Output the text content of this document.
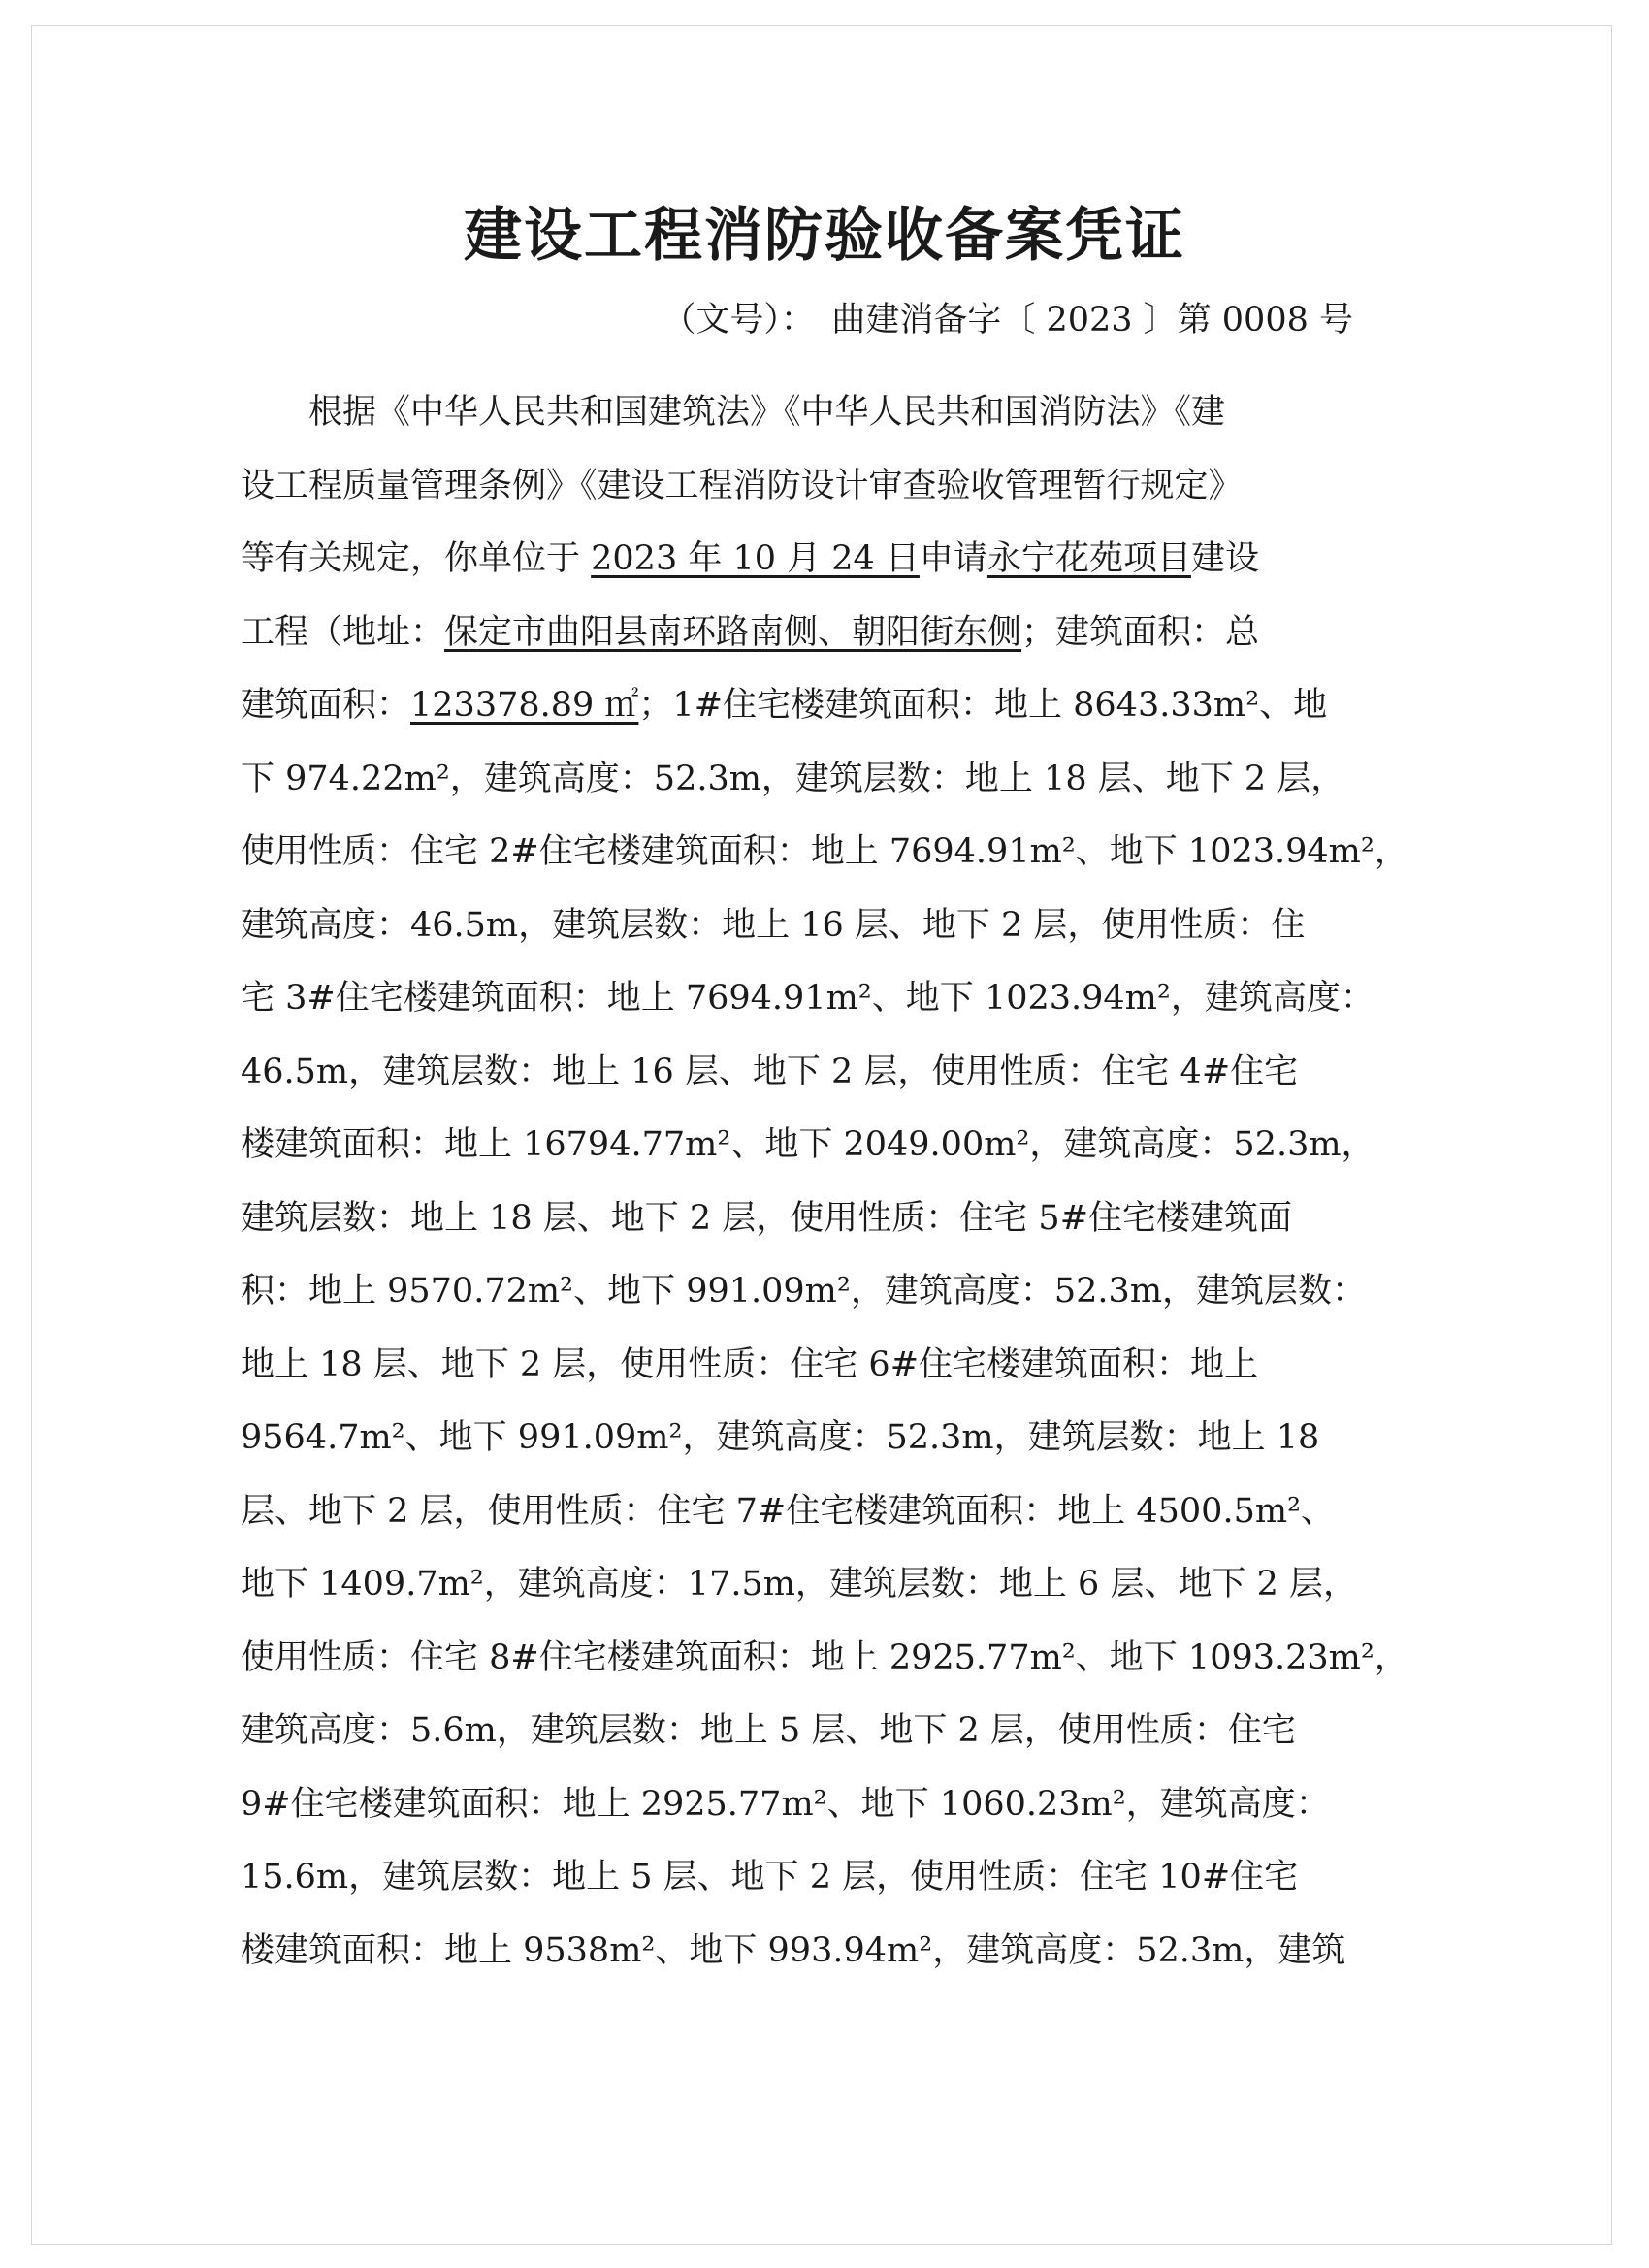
建设工程消防验收备案凭证
（文号）：　曲建消备字〔 2023 〕第 0008 号
　　根据《中华人民共和国建筑法》《中华人民共和国消防法》《建
设工程质量管理条例》《建设工程消防设计审查验收管理暂行规定》
等有关规定，你单位于 2023 年 10 月 24 日申请永宁花苑项目建设
工程（地址：保定市曲阳县南环路南侧、朝阳街东侧；建筑面积：总
建筑面积：123378.89 ㎡；1#住宅楼建筑面积：地上 8643.33m²、地
下 974.22m²，建筑高度：52.3m，建筑层数：地上 18 层、地下 2 层，
使用性质：住宅 2#住宅楼建筑面积：地上 7694.91m²、地下 1023.94m²，
建筑高度：46.5m，建筑层数：地上 16 层、地下 2 层，使用性质：住
宅 3#住宅楼建筑面积：地上 7694.91m²、地下 1023.94m²，建筑高度：
46.5m，建筑层数：地上 16 层、地下 2 层，使用性质：住宅 4#住宅
楼建筑面积：地上 16794.77m²、地下 2049.00m²，建筑高度：52.3m，
建筑层数：地上 18 层、地下 2 层，使用性质：住宅 5#住宅楼建筑面
积：地上 9570.72m²、地下 991.09m²，建筑高度：52.3m，建筑层数：
地上 18 层、地下 2 层，使用性质：住宅 6#住宅楼建筑面积：地上
9564.7m²、地下 991.09m²，建筑高度：52.3m，建筑层数：地上 18
层、地下 2 层，使用性质：住宅 7#住宅楼建筑面积：地上 4500.5m²、
地下 1409.7m²，建筑高度：17.5m，建筑层数：地上 6 层、地下 2 层，
使用性质：住宅 8#住宅楼建筑面积：地上 2925.77m²、地下 1093.23m²，
建筑高度：5.6m，建筑层数：地上 5 层、地下 2 层，使用性质：住宅
9#住宅楼建筑面积：地上 2925.77m²、地下 1060.23m²，建筑高度：
15.6m，建筑层数：地上 5 层、地下 2 层，使用性质：住宅 10#住宅
楼建筑面积：地上 9538m²、地下 993.94m²，建筑高度：52.3m，建筑
